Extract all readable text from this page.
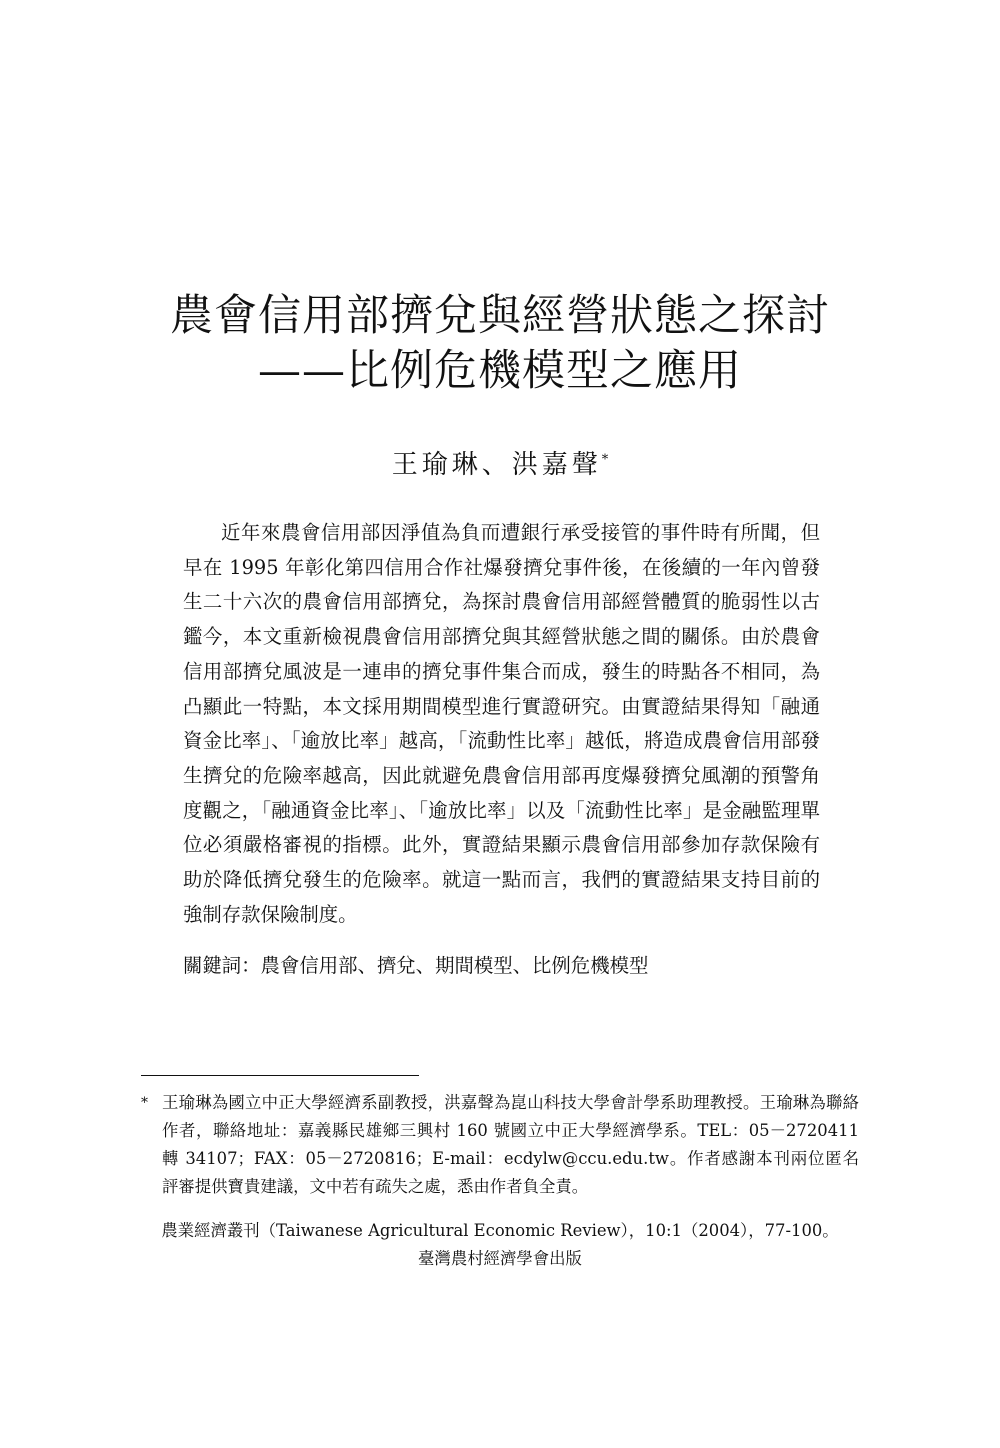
農會信用部擠兌與經營狀態之探討
——比例危機模型之應用
王瑜琳、洪嘉聲*

近年來農會信用部因淨值為負而遭銀行承受接管的事件時有所聞，但早在 1995 年彰化第四信用合作社爆發擠兌事件後，在後續的一年內曾發生二十六次的農會信用部擠兌，為探討農會信用部經營體質的脆弱性以古鑑今，本文重新檢視農會信用部擠兌與其經營狀態之間的關係。由於農會信用部擠兌風波是一連串的擠兌事件集合而成，發生的時點各不相同，為凸顯此一特點，本文採用期間模型進行實證研究。由實證結果得知「融通資金比率」、「逾放比率」越高，「流動性比率」越低，將造成農會信用部發生擠兌的危險率越高，因此就避免農會信用部再度爆發擠兌風潮的預警角度觀之，「融通資金比率」、「逾放比率」以及「流動性比率」是金融監理單位必須嚴格審視的指標。此外，實證結果顯示農會信用部參加存款保險有助於降低擠兌發生的危險率。就這一點而言，我們的實證結果支持目前的強制存款保險制度。

關鍵詞：農會信用部、擠兌、期間模型、比例危機模型
* 王瑜琳為國立中正大學經濟系副教授，洪嘉聲為崑山科技大學會計學系助理教授。王瑜琳為聯絡作者，聯絡地址：嘉義縣民雄鄉三興村 160 號國立中正大學經濟學系。TEL：05－2720411 轉 34107；FAX：05－2720816；E-mail：ecdylw@ccu.edu.tw。作者感謝本刊兩位匿名評審提供寶貴建議，文中若有疏失之處，悉由作者負全責。
農業經濟叢刊（Taiwanese Agricultural Economic Review），10:1（2004），77-100。
臺灣農村經濟學會出版
